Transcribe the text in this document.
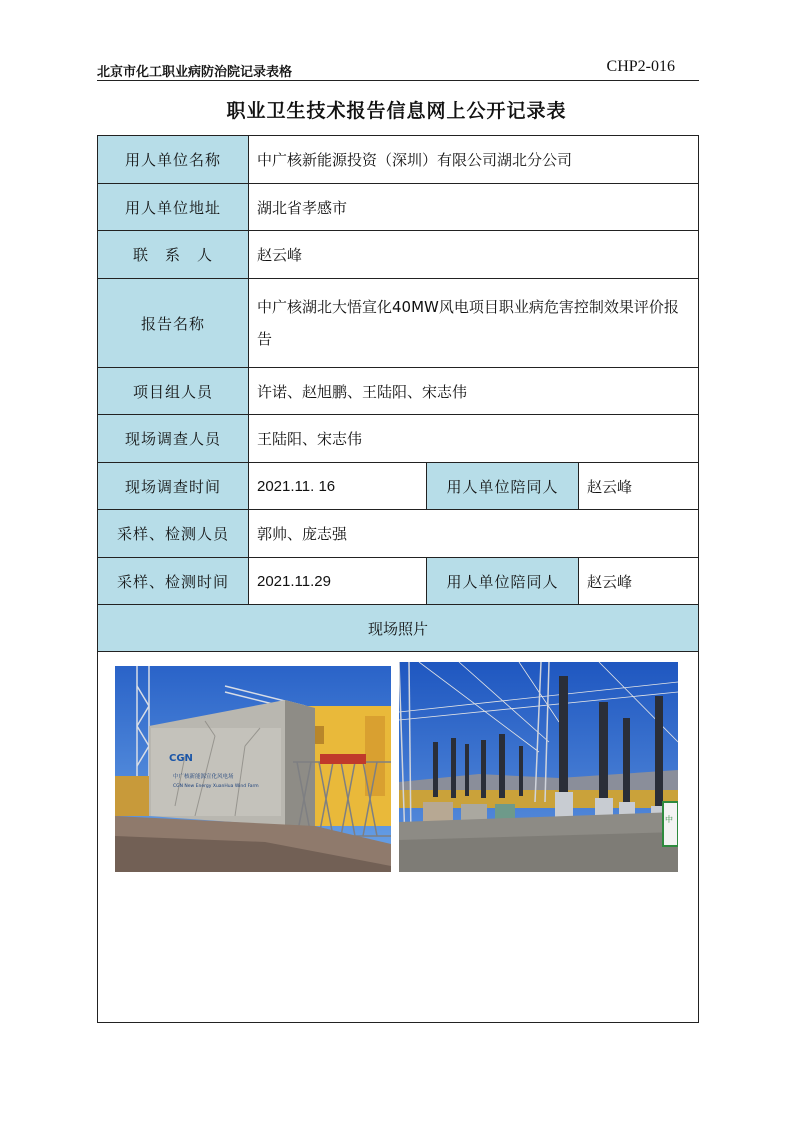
北京市化工职业病防治院记录表格	CHP2-016
职业卫生技术报告信息网上公开记录表
用人单位名称	中广核新能源投资（深圳）有限公司湖北分公司		
用人单位地址	湖北省孝感市		
联　系　人	赵云峰		
报告名称	中广核湖北大悟宣化40MW风电项目职业病危害控制效果评价报告		
项目组人员	许诺、赵旭鹏、王陆阳、宋志伟		
现场调查人员	王陆阳、宋志伟		
现场调查时间	2021.11. 16	用人单位陪同人	赵云峰
采样、检测人员	郭帅、庞志强		
采样、检测时间	2021.11.29	用人单位陪同人	赵云峰
现场照片			

CGN
中广核新能源宣化风电场
CGN New Energy XuanHua Wind Farm
中			
